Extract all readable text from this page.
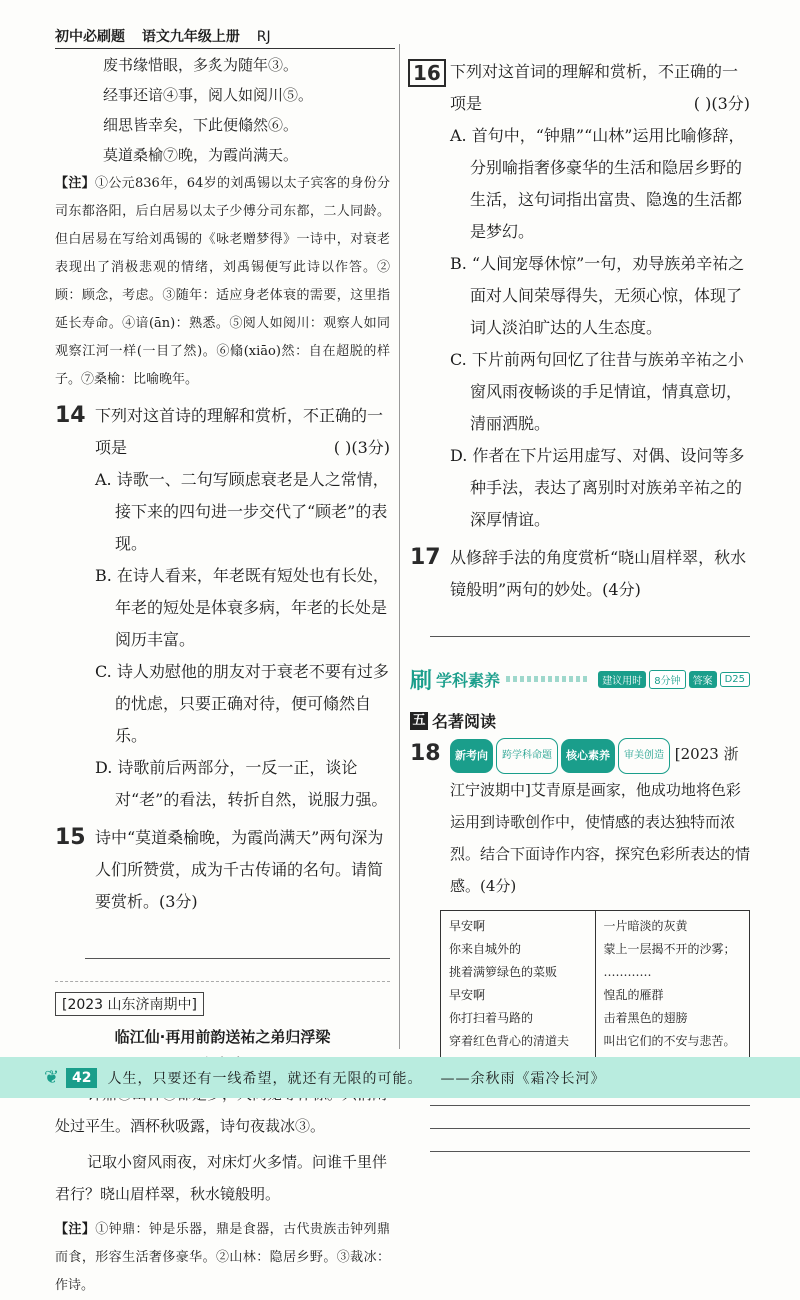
初中必刷题 语文九年级上册 RJ
废书缘惜眼，多炙为随年③。
经事还谙④事，阅人如阅川⑤。
细思皆幸矣，下此便翛然⑥。
莫道桑榆⑦晚，为霞尚满天。
【注】①公元836年，64岁的刘禹锡以太子宾客的身份分司东都洛阳，后白居易以太子少傅分司东都，二人同龄。但白居易在写给刘禹锡的《咏老赠梦得》一诗中，对衰老表现出了消极悲观的情绪，刘禹锡便写此诗以作答。②顾：顾念，考虑。③随年：适应身老体衰的需要，这里指延长寿命。④谙(ān)：熟悉。⑤阅人如阅川：观察人如同观察江河一样(一目了然)。⑥翛(xiāo)然：自在超脱的样子。⑦桑榆：比喻晚年。
14 下列对这首诗的理解和赏析，不正确的一项是	( )(3分)
A. 诗歌一、二句写顾虑衰老是人之常情，接下来的四句进一步交代了“顾老”的表现。
B. 在诗人看来，年老既有短处也有长处，年老的短处是体衰多病，年老的长处是阅历丰富。
C. 诗人劝慰他的朋友对于衰老不要有过多的忧虑，只要正确对待，便可翛然自乐。
D. 诗歌前后两部分，一反一正，谈论对“老”的看法，转折自然，说服力强。
15 诗中“莫道桑榆晚，为霞尚满天”两句深为人们所赞赏，成为千古传诵的名句。请简要赏析。(3分)
[2023 山东济南期中]
临江仙·再用前韵送祐之弟归浮梁
处过平生。酒杯秋吸露，诗句夜裁冰③。
记取小窗风雨夜，对床灯火多情。问谁千里伴君行？晓山眉样翠，秋水镜般明。
【注】①钟鼎：钟是乐器，鼎是食器，古代贵族击钟列鼎而食，形容生活奢侈豪华。②山林：隐居乡野。③裁冰：作诗。
16 下列对这首词的理解和赏析，不正确的一项是	( )(3分)
A. 首句中，“钟鼎”“山林”运用比喻修辞，分别喻指奢侈豪华的生活和隐居乡野的生活，这句词指出富贵、隐逸的生活都是梦幻。
B. “人间宠辱休惊”一句，劝导族弟辛祐之面对人间荣辱得失，无须心惊，体现了词人淡泊旷达的人生态度。
C. 下片前两句回忆了往昔与族弟辛祐之小窗风雨夜畅谈的手足情谊，情真意切，清丽洒脱。
D. 作者在下片运用虚写、对偶、设问等多种手法，表达了离别时对族弟辛祐之的深厚情谊。
17 从修辞手法的角度赏析“晓山眉样翠，秋水镜般明”两句的妙处。(4分)
刷 学科素养	建议用时	8分钟	答案	D25
五 名著阅读
18	新考向	跨学科命题	核心素养	审美创造 [2023 浙江宁波期中]艾青原是画家，他成功地将色彩运用到诗歌创作中，使情感的表达独特而浓烈。结合下面诗作内容，探究色彩所表达的情感。(4分)
早安啊
你来自城外的
挑着满箩绿色的菜贩
早安啊
你打扫着马路的
穿着红色背心的清道夫
一片暗淡的灰黄
蒙上一层揭不开的沙雾；
…………
惶乱的雁群
击着黑色的翅膀
叫出它们的不安与悲苦。
❦ 42	人生，只要还有一线希望，就还有无限的可能。 ——余秋雨《霜冷长河》
